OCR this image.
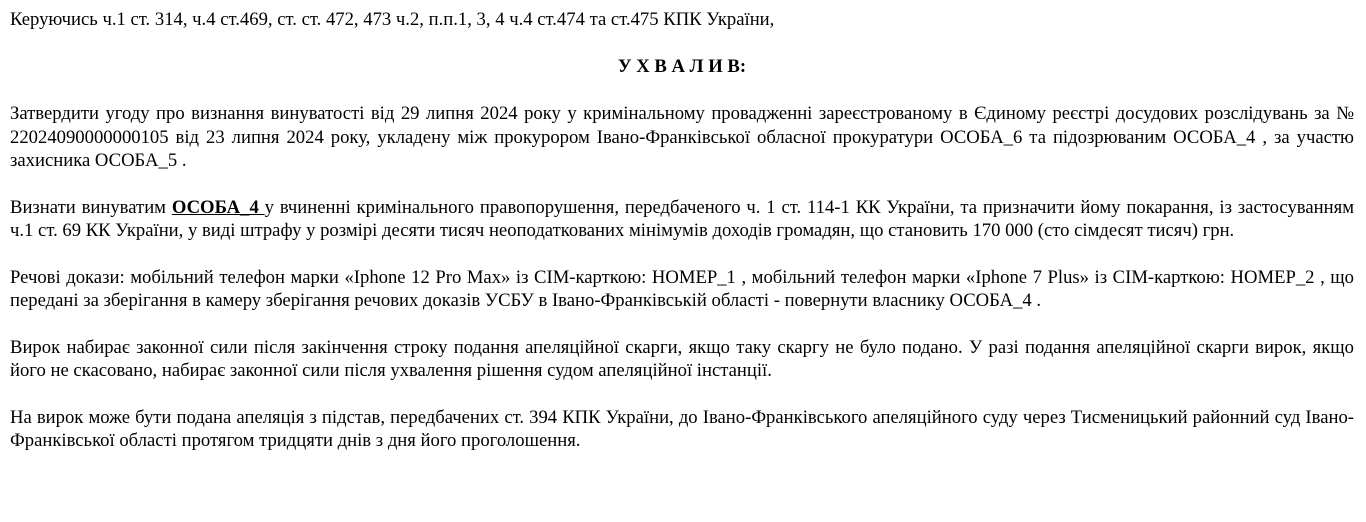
Керуючись ч.1 ст. 314, ч.4 ст.469, ст. ст. 472, 473 ч.2, п.п.1, 3, 4 ч.4 ст.474 та ст.475 КПК України,

У Х В А Л И В:

Затвердити угоду про визнання винуватості від 29 липня 2024 року у кримінальному провадженні зареєстрованому в Єдиному реєстрі досудових розслідувань за № 22024090000000105 від 23 липня 2024 року, укладену між прокурором Івано-Франківської обласної прокуратури ОСОБА_6 та підозрюваним ОСОБА_4 , за участю захисника ОСОБА_5 .

Визнати винуватим ОСОБА_4 у вчиненні кримінального правопорушення, передбаченого ч. 1 ст. 114-1 КК України, та призначити йому покарання, із застосуванням ч.1 ст. 69 КК України, у виді штрафу у розмірі десяти тисяч неоподаткованих мінімумів доходів громадян, що становить 170 000 (сто сімдесят тисяч) грн.

Речові докази: мобільний телефон марки «Iphone 12 Pro Max» із СІМ-карткою: НОМЕР_1 , мобільний телефон марки «Iphone 7 Plus» із СІМ-карткою: НОМЕР_2 , що передані за зберігання в камеру зберігання речових доказів УСБУ в Івано-Франківській області - повернути власнику ОСОБА_4 .

Вирок набирає законної сили після закінчення строку подання апеляційної скарги, якщо таку скаргу не було подано. У разі подання апеляційної скарги вирок, якщо його не скасовано, набирає законної сили після ухвалення рішення судом апеляційної інстанції.

На вирок може бути подана апеляція з підстав, передбачених ст. 394 КПК України, до Івано-Франківського апеляційного суду через Тисменицький районний суд Івано-Франківської області протягом тридцяти днів з дня його проголошення.
